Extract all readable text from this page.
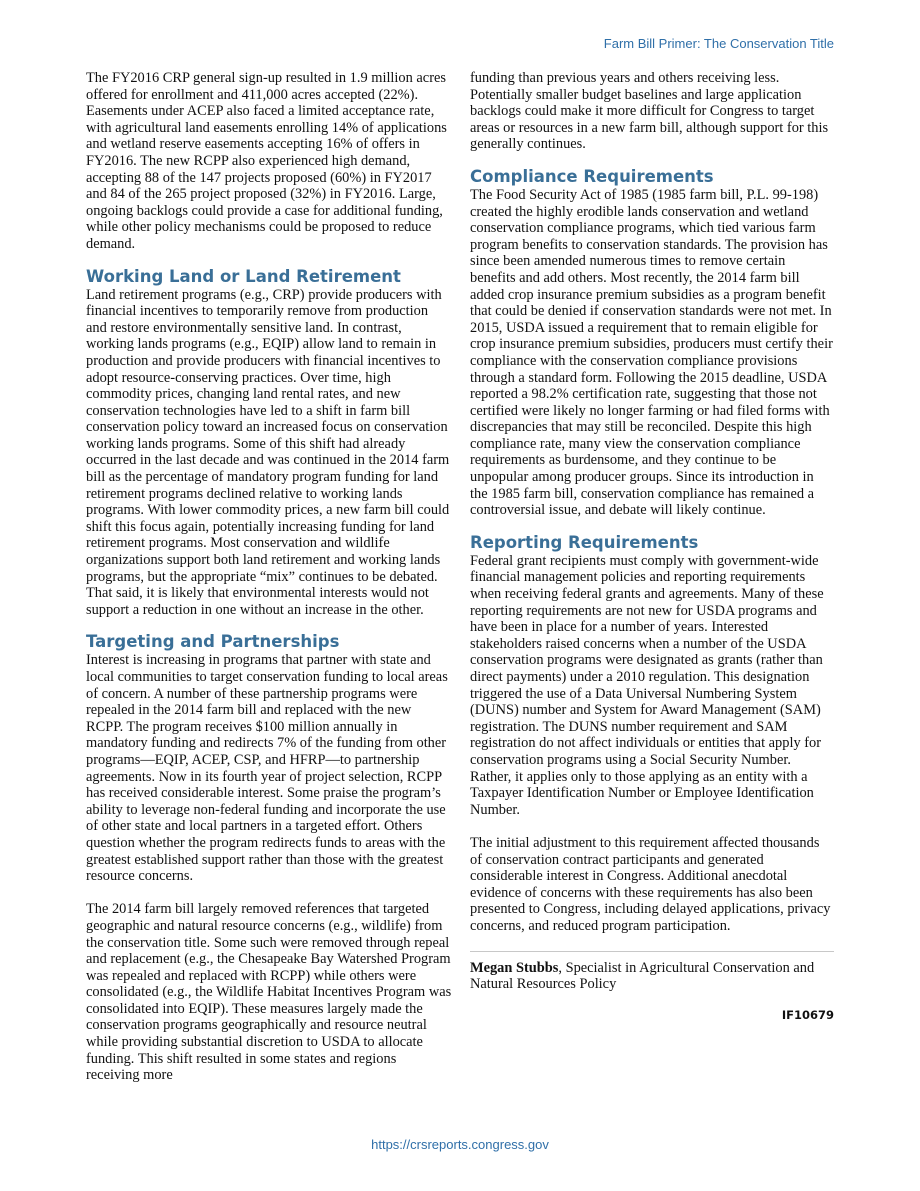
Farm Bill Primer: The Conservation Title

The FY2016 CRP general sign-up resulted in 1.9 million acres offered for enrollment and 411,000 acres accepted (22%). Easements under ACEP also faced a limited acceptance rate, with agricultural land easements enrolling 14% of applications and wetland reserve easements accepting 16% of offers in FY2016. The new RCPP also experienced high demand, accepting 88 of the 147 projects proposed (60%) in FY2017 and 84 of the 265 project proposed (32%) in FY2016. Large, ongoing backlogs could provide a case for additional funding, while other policy mechanisms could be proposed to reduce demand.

Working Land or Land Retirement

Land retirement programs (e.g., CRP) provide producers with financial incentives to temporarily remove from production and restore environmentally sensitive land. In contrast, working lands programs (e.g., EQIP) allow land to remain in production and provide producers with financial incentives to adopt resource-conserving practices. Over time, high commodity prices, changing land rental rates, and new conservation technologies have led to a shift in farm bill conservation policy toward an increased focus on conservation working lands programs. Some of this shift had already occurred in the last decade and was continued in the 2014 farm bill as the percentage of mandatory program funding for land retirement programs declined relative to working lands programs. With lower commodity prices, a new farm bill could shift this focus again, potentially increasing funding for land retirement programs. Most conservation and wildlife organizations support both land retirement and working lands programs, but the appropriate “mix” continues to be debated. That said, it is likely that environmental interests would not support a reduction in one without an increase in the other.

Targeting and Partnerships

Interest is increasing in programs that partner with state and local communities to target conservation funding to local areas of concern. A number of these partnership programs were repealed in the 2014 farm bill and replaced with the new RCPP. The program receives $100 million annually in mandatory funding and redirects 7% of the funding from other programs—EQIP, ACEP, CSP, and HFRP—to partnership agreements. Now in its fourth year of project selection, RCPP has received considerable interest. Some praise the program’s ability to leverage non-federal funding and incorporate the use of other state and local partners in a targeted effort. Others question whether the program redirects funds to areas with the greatest established support rather than those with the greatest resource concerns.

The 2014 farm bill largely removed references that targeted geographic and natural resource concerns (e.g., wildlife) from the conservation title. Some such were removed through repeal and replacement (e.g., the Chesapeake Bay Watershed Program was repealed and replaced with RCPP) while others were consolidated (e.g., the Wildlife Habitat Incentives Program was consolidated into EQIP). These measures largely made the conservation programs geographically and resource neutral while providing substantial discretion to USDA to allocate funding. This shift resulted in some states and regions receiving more

funding than previous years and others receiving less. Potentially smaller budget baselines and large application backlogs could make it more difficult for Congress to target areas or resources in a new farm bill, although support for this generally continues.

Compliance Requirements

The Food Security Act of 1985 (1985 farm bill, P.L. 99-198) created the highly erodible lands conservation and wetland conservation compliance programs, which tied various farm program benefits to conservation standards. The provision has since been amended numerous times to remove certain benefits and add others. Most recently, the 2014 farm bill added crop insurance premium subsidies as a program benefit that could be denied if conservation standards were not met. In 2015, USDA issued a requirement that to remain eligible for crop insurance premium subsidies, producers must certify their compliance with the conservation compliance provisions through a standard form. Following the 2015 deadline, USDA reported a 98.2% certification rate, suggesting that those not certified were likely no longer farming or had filed forms with discrepancies that may still be reconciled. Despite this high compliance rate, many view the conservation compliance requirements as burdensome, and they continue to be unpopular among producer groups. Since its introduction in the 1985 farm bill, conservation compliance has remained a controversial issue, and debate will likely continue.

Reporting Requirements

Federal grant recipients must comply with government-wide financial management policies and reporting requirements when receiving federal grants and agreements. Many of these reporting requirements are not new for USDA programs and have been in place for a number of years. Interested stakeholders raised concerns when a number of the USDA conservation programs were designated as grants (rather than direct payments) under a 2010 regulation. This designation triggered the use of a Data Universal Numbering System (DUNS) number and System for Award Management (SAM) registration. The DUNS number requirement and SAM registration do not affect individuals or entities that apply for conservation programs using a Social Security Number. Rather, it applies only to those applying as an entity with a Taxpayer Identification Number or Employee Identification Number.

The initial adjustment to this requirement affected thousands of conservation contract participants and generated considerable interest in Congress. Additional anecdotal evidence of concerns with these requirements has also been presented to Congress, including delayed applications, privacy concerns, and reduced program participation.

Megan Stubbs, Specialist in Agricultural Conservation and Natural Resources Policy

IF10679
https://crsreports.congress.gov
